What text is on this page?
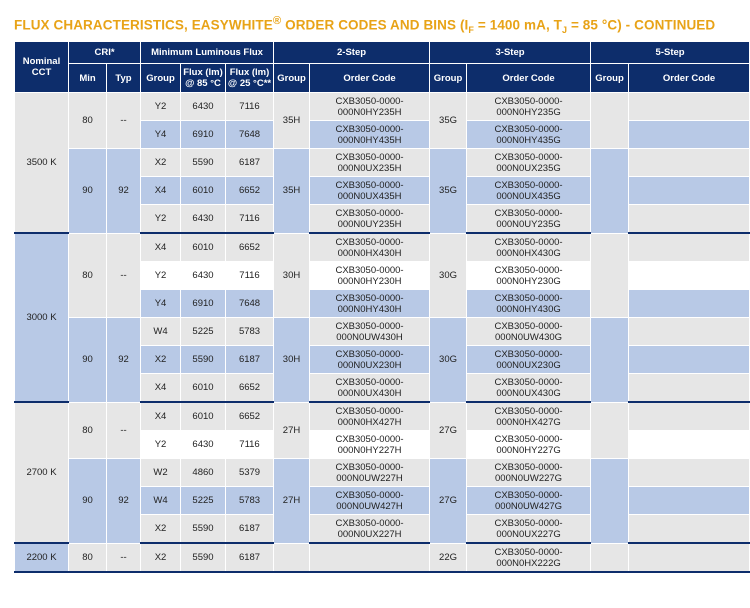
FLUX CHARACTERISTICS, EASYWHITE® ORDER CODES AND BINS ($I_F = 1400$ mA, $T_J = 85$ °C) - CONTINUED
Nominal CCT	CRI*		Minimum Luminous Flux			2-Step		3-Step		5-Step	
	Min	Typ	Group	Flux (lm) @ 85 °C	Flux (lm) @ 25 °C**	Group	Order Code	Group	Order Code	Group	Order Code
3500 K	80	--	Y2	6430	7116	35H	CXB3050-0000-000N0HY235H	35G	CXB3050-0000-000N0HY235G		
			Y4	6910	7648		CXB3050-0000-000N0HY435H		CXB3050-0000-000N0HY435G		
	90	92	X2	5590	6187	35H	CXB3050-0000-000N0UX235H	35G	CXB3050-0000-000N0UX235G		
			X4	6010	6652		CXB3050-0000-000N0UX435H		CXB3050-0000-000N0UX435G		
			Y2	6430	7116		CXB3050-0000-000N0UY235H		CXB3050-0000-000N0UY235G		
3000 K	80	--	X4	6010	6652	30H	CXB3050-0000-000N0HX430H	30G	CXB3050-0000-000N0HX430G		
			Y2	6430	7116		CXB3050-0000-000N0HY230H		CXB3050-0000-000N0HY230G		
			Y4	6910	7648		CXB3050-0000-000N0HY430H		CXB3050-0000-000N0HY430G		
	90	92	W4	5225	5783	30H	CXB3050-0000-000N0UW430H	30G	CXB3050-0000-000N0UW430G		
			X2	5590	6187		CXB3050-0000-000N0UX230H		CXB3050-0000-000N0UX230G		
			X4	6010	6652		CXB3050-0000-000N0UX430H		CXB3050-0000-000N0UX430G		
2700 K	80	--	X4	6010	6652	27H	CXB3050-0000-000N0HX427H	27G	CXB3050-0000-000N0HX427G		
			Y2	6430	7116		CXB3050-0000-000N0HY227H		CXB3050-0000-000N0HY227G		
	90	92	W2	4860	5379	27H	CXB3050-0000-000N0UW227H	27G	CXB3050-0000-000N0UW227G		
			W4	5225	5783		CXB3050-0000-000N0UW427H		CXB3050-0000-000N0UW427G		
			X2	5590	6187		CXB3050-0000-000N0UX227H		CXB3050-0000-000N0UX227G		
2200 K	80	--	X2	5590	6187			22G	CXB3050-0000-000N0HX222G		
